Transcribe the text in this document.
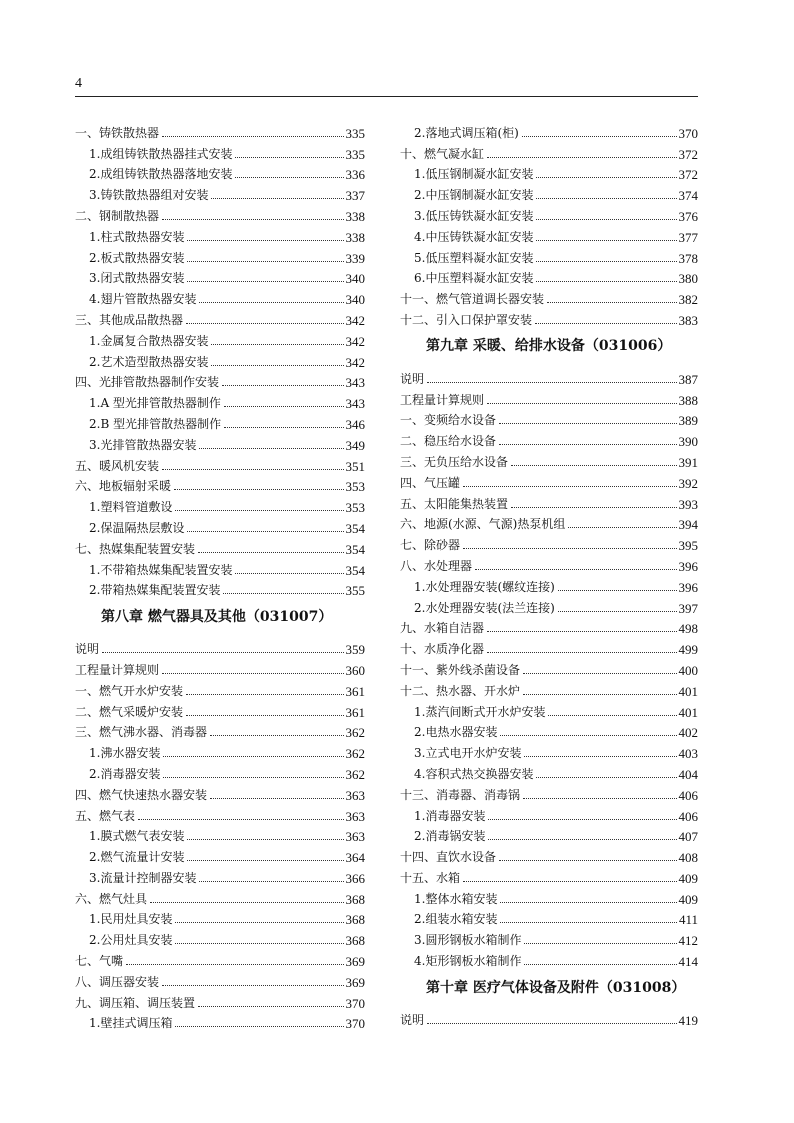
4
一、铸铁散热器	335
1.成组铸铁散热器挂式安装	335
2.成组铸铁散热器落地安装	336
3.铸铁散热器组对安装	337
二、钢制散热器	338
1.柱式散热器安装	338
2.板式散热器安装	339
3.闭式散热器安装	340
4.翅片管散热器安装	340
三、其他成品散热器	342
1.金属复合散热器安装	342
2.艺术造型散热器安装	342
四、光排管散热器制作安装	343
1.A 型光排管散热器制作	343
2.B 型光排管散热器制作	346
3.光排管散热器安装	349
五、暖风机安装	351
六、地板辐射采暖	353
1.塑料管道敷设	353
2.保温隔热层敷设	354
七、热媒集配装置安装	354
1.不带箱热媒集配装置安装	354
2.带箱热媒集配装置安装	355
第八章 燃气器具及其他（031007）
说明	359
工程量计算规则	360
一、燃气开水炉安装	361
二、燃气采暖炉安装	361
三、燃气沸水器、消毒器	362
1.沸水器安装	362
2.消毒器安装	362
四、燃气快速热水器安装	363
五、燃气表	363
1.膜式燃气表安装	363
2.燃气流量计安装	364
3.流量计控制器安装	366
六、燃气灶具	368
1.民用灶具安装	368
2.公用灶具安装	368
七、气嘴	369
八、调压器安装	369
九、调压箱、调压装置	370
1.壁挂式调压箱	370
2.落地式调压箱(柜)	370
十、燃气凝水缸	372
1.低压钢制凝水缸安装	372
2.中压钢制凝水缸安装	374
3.低压铸铁凝水缸安装	376
4.中压铸铁凝水缸安装	377
5.低压塑料凝水缸安装	378
6.中压塑料凝水缸安装	380
十一、燃气管道调长器安装	382
十二、引入口保护罩安装	383
第九章 采暖、给排水设备（031006）
说明	387
工程量计算规则	388
一、变频给水设备	389
二、稳压给水设备	390
三、无负压给水设备	391
四、气压罐	392
五、太阳能集热装置	393
六、地源(水源、气源)热泵机组	394
七、除砂器	395
八、水处理器	396
1.水处理器安装(螺纹连接)	396
2.水处理器安装(法兰连接)	397
九、水箱自洁器	498
十、水质净化器	499
十一、紫外线杀菌设备	400
十二、热水器、开水炉	401
1.蒸汽间断式开水炉安装	401
2.电热水器安装	402
3.立式电开水炉安装	403
4.容积式热交换器安装	404
十三、消毒器、消毒锅	406
1.消毒器安装	406
2.消毒锅安装	407
十四、直饮水设备	408
十五、水箱	409
1.整体水箱安装	409
2.组装水箱安装	411
3.圆形钢板水箱制作	412
4.矩形钢板水箱制作	414
第十章 医疗气体设备及附件（031008）
说明	419
